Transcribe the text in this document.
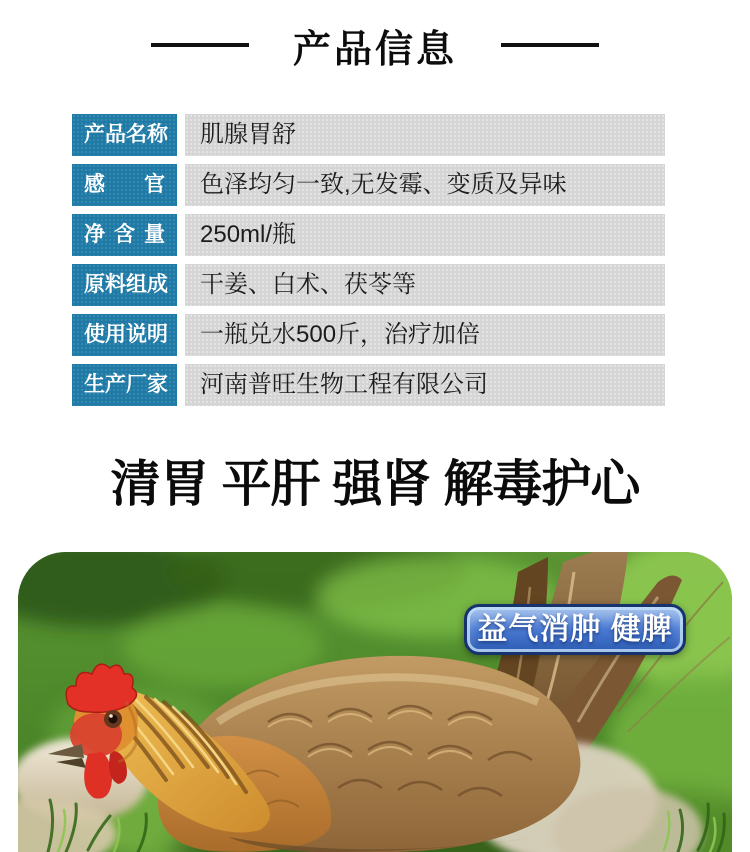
产品信息
产品名称	肌腺胃舒
感官	色泽均匀一致,无发霉、变质及异味
净含量	250ml/瓶
原料组成	干姜、白术、茯苓等
使用说明	一瓶兑水500斤，治疗加倍
生产厂家	河南普旺生物工程有限公司
清胃 平肝 强肾 解毒护心
益气消肿 健脾
